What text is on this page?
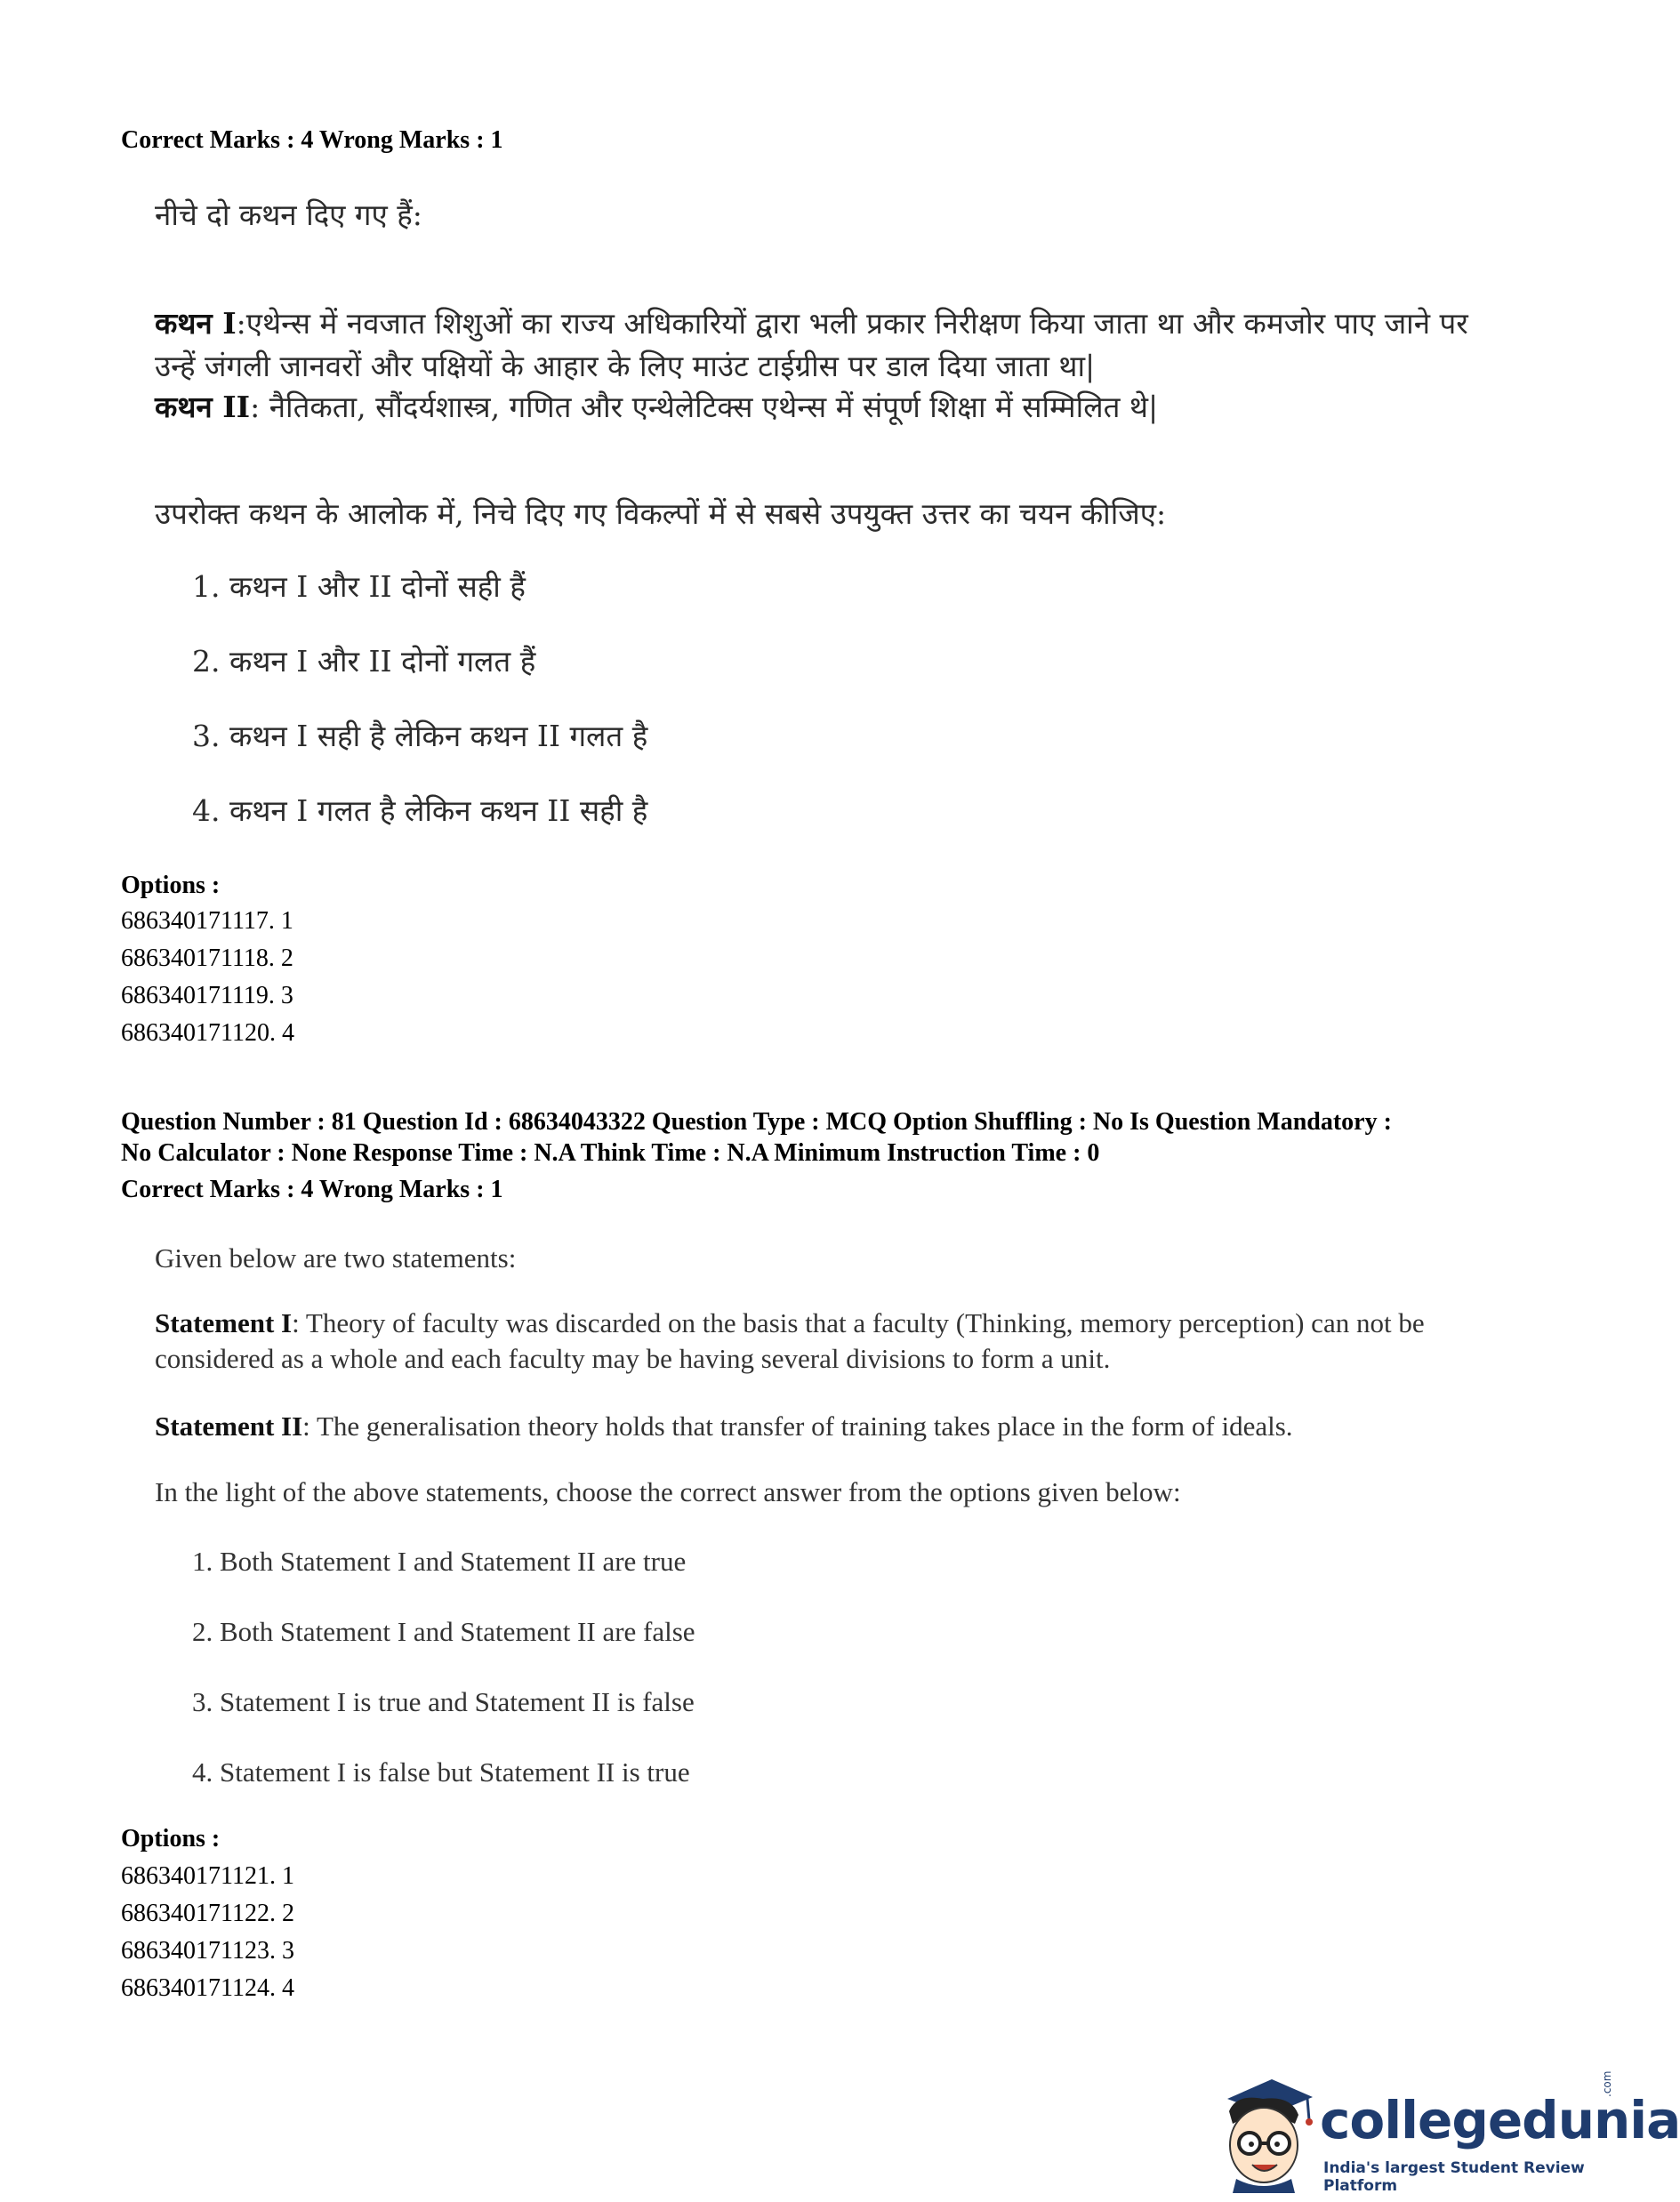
Correct Marks : 4 Wrong Marks : 1
नीचे दो कथन दिए गए हैं:
कथन I:एथेन्स में नवजात शिशुओं का राज्य अधिकारियों द्वारा भली प्रकार निरीक्षण किया जाता था और कमजोर पाए जाने पर उन्हें जंगली जानवरों और पक्षियों के आहार के लिए माउंट टाईग्रीस पर डाल दिया जाता था|
कथन II: नैतिकता, सौंदर्यशास्त्र, गणित और एन्थेलेटिक्स एथेन्स में संपूर्ण शिक्षा में सम्मिलित थे|
उपरोक्त कथन के आलोक में, निचे दिए गए विकल्पों में से सबसे उपयुक्त उत्तर का चयन कीजिए:
1. कथन I और II दोनों सही हैं
2. कथन I और II दोनों गलत हैं
3. कथन I सही है लेकिन कथन II गलत है
4. कथन I गलत है लेकिन कथन II सही है
Options :
686340171117. 1
686340171118. 2
686340171119. 3
686340171120. 4
Question Number : 81 Question Id : 68634043322 Question Type : MCQ Option Shuffling : No Is Question Mandatory :
No Calculator : None Response Time : N.A Think Time : N.A Minimum Instruction Time : 0
Correct Marks : 4 Wrong Marks : 1
Given below are two statements:
Statement I: Theory of faculty was discarded on the basis that a faculty (Thinking, memory perception) can not be considered as a whole and each faculty may be having several divisions to form a unit.
Statement II: The generalisation theory holds that transfer of training takes place in the form of ideals.
In the light of the above statements, choose the correct answer from the options given below:
1. Both Statement I and Statement II are true
2. Both Statement I and Statement II are false
3. Statement I is true and Statement II is false
4. Statement I is false but Statement II is true
Options :
686340171121. 1
686340171122. 2
686340171123. 3
686340171124. 4
collegedunia
India's largest Student Review Platform
.com
